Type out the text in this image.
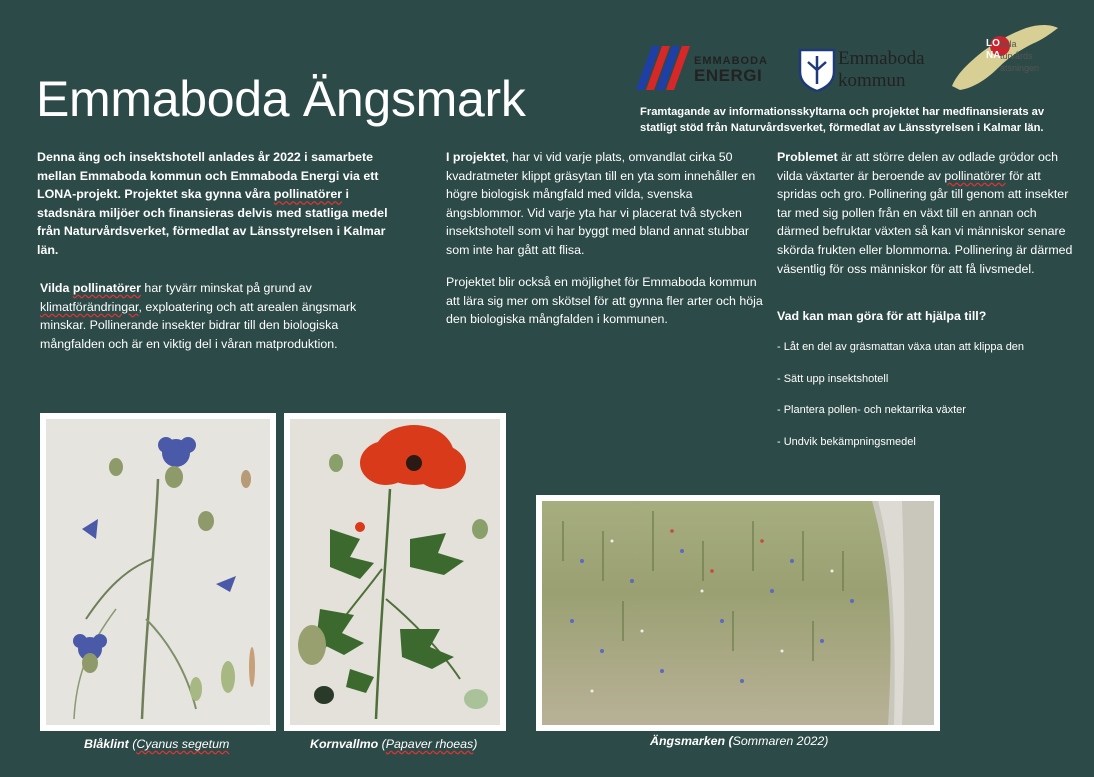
Emmaboda Ängsmark
EMMABODA
ENERGI
Emmaboda
kommun
LO
NA
kala
turvårds
atsningen

Framtagande av informationsskyltarna och projektet har medfinansierats av statligt stöd från Naturvårdsverket, förmedlat av Länsstyrelsen i Kalmar län.

Denna äng och insektshotell anlades år 2022 i samarbete mellan Emmaboda kommun och Emmaboda Energi via ett LONA-projekt. Projektet ska gynna våra pollinatörer i stadsnära miljöer och finansieras delvis med statliga medel från Naturvårdsverket, förmedlat av Länsstyrelsen i Kalmar län.

Vilda pollinatörer har tyvärr minskat på grund av klimatförändringar, exploatering och att arealen ängsmark minskar. Pollinerande insekter bidrar till den biologiska mångfalden och är en viktig del i våran matproduktion.

I projektet, har vi vid varje plats, omvandlat cirka 50 kvadratmeter klippt gräsytan till en yta som innehåller en högre biologisk mångfald med vilda, svenska ängsblommor. Vid varje yta har vi placerat två stycken insektshotell som vi har byggt med bland annat stubbar som inte har gått att flisa.

Projektet blir också en möjlighet för Emmaboda kommun att lära sig mer om skötsel för att gynna fler arter och höja den biologiska mångfalden i kommunen.

Problemet är att större delen av odlade grödor och vilda växtarter är beroende av pollinatörer för att spridas och gro. Pollinering går till genom att insekter tar med sig pollen från en växt till en annan och därmed befruktar växten så kan vi människor senare skörda frukten eller blommorna. Pollinering är därmed väsentlig för oss människor för att få livsmedel.

Vad kan man göra för att hjälpa till?
- Låt en del av gräsmattan växa utan att klippa den
- Sätt upp insektshotell
- Plantera pollen- och nektarrika växter
- Undvik bekämpningsmedel
Blåklint (Cyanus segetum	Kornvallmo (Papaver rhoeas)	Ängsmarken (Sommaren 2022)
